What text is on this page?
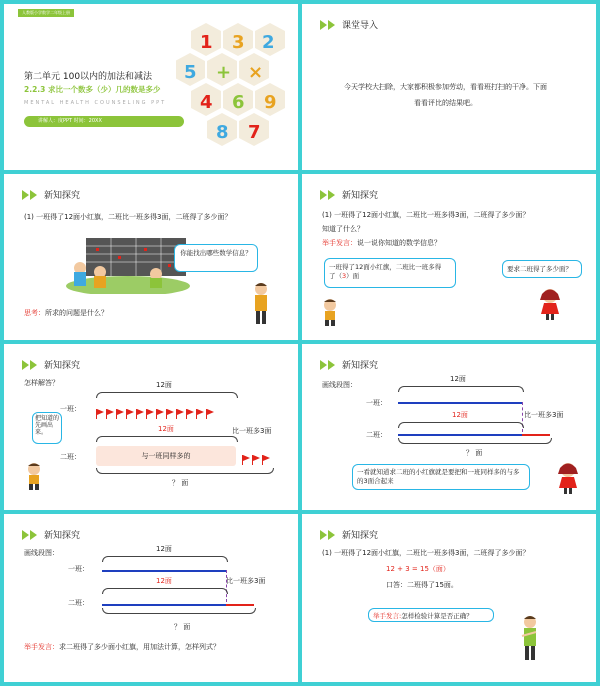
人教版小学数学二年级上册
第二单元 100以内的加法和减法
2.2.3 求比一个数多（少）几的数是多少
MENTAL HEALTH COUNSELING PPT
讲解人：度PPT 时间：20XX
3 2
1
+ ×
5
4 6 9
8 7
课堂导入
今天学校大扫除，大家都积极参加劳动，看看班打扫的干净。下面
看看评比的结果吧。
新知探究
(1) 一班得了12面小红旗，二班比一班多得3面，二班得了多少面？
你能找出哪些数学信息？
思考：所求的问题是什么？
新知探究
(1) 一班得了12面小红旗，二班比一班多得3面，二班得了多少面？
知道了什么？
举手发言：说一说你知道的数学信息？
一班得了12面小红旗，二班比一班多得
了（3）面
要求二班得了多少面？
新知探究
怎样解答？	12面
一班：
12面	比一班多3面
二班：	与一班同样多的
？ 面
把知道的先画出来。
新知探究
画线段图：
12面
一班：
12面	比一班多3面
二班：
？ 面
一看就知道求二班的小红旗就是要把和一班同样多的与多的3面合起来
新知探究
画线段图：	12面
一班：
12面	比一班多3面
二班：
？ 面
举手发言：求二班得了多少面小红旗，用加法计算，怎样列式？
新知探究
(1) 一班得了12面小红旗，二班比一班多得3面，二班得了多少面？
12 + 3 = 15（面）
口答：二班得了15面。
举手发言:怎样检验计算是否正确？
